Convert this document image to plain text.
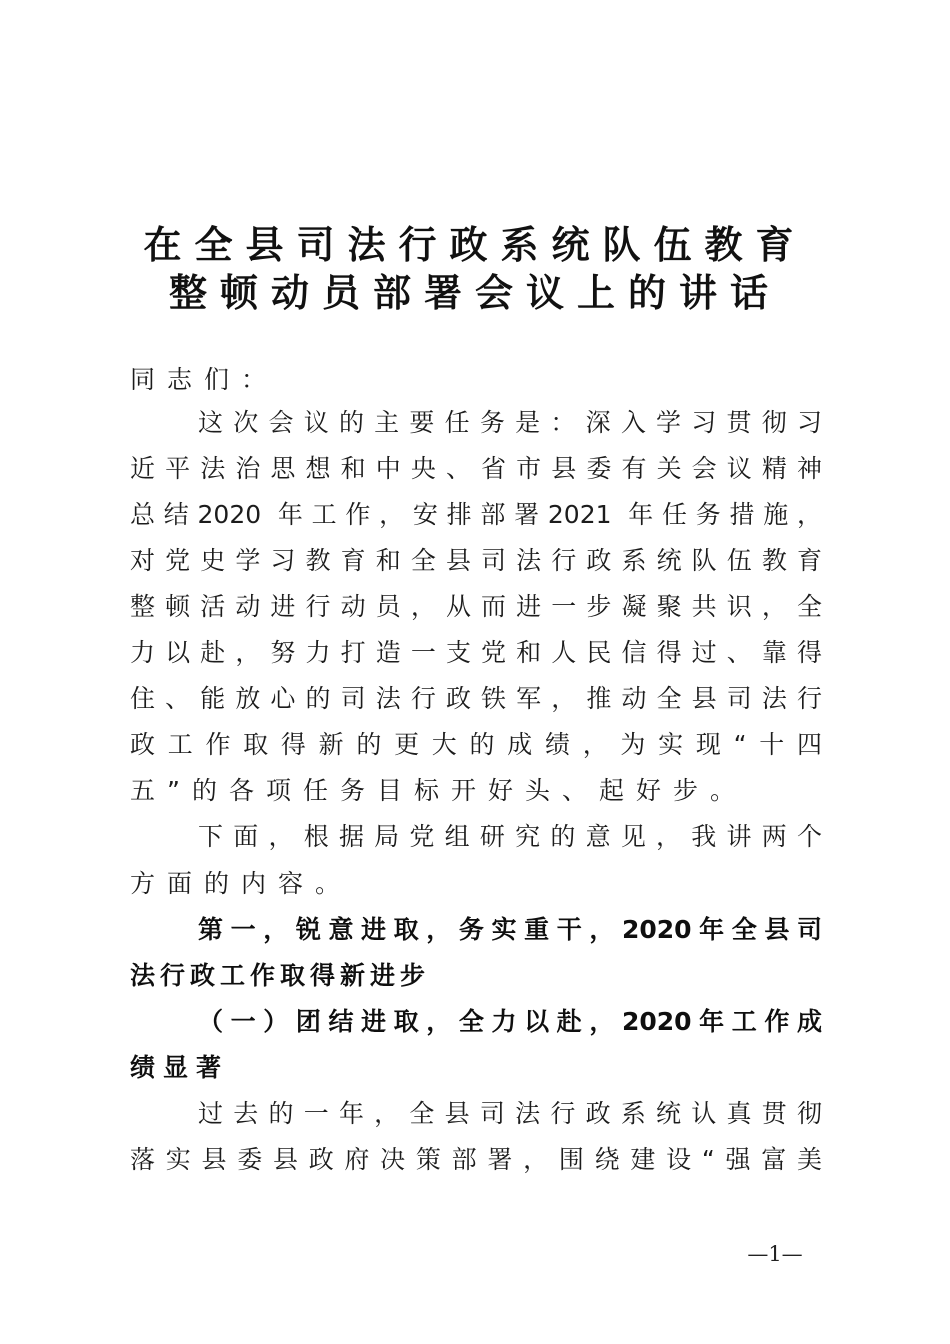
在全县司法行政系统队伍教育
整顿动员部署会议上的讲话
同志们：
这次会议的主要任务是：深入学习贯彻习
近平法治思想和中央、省市县委有关会议精神
总结2020 年工作，安排部署2021 年任务措施，
对党史学习教育和全县司法行政系统队伍教育
整顿活动进行动员，从而进一步凝聚共识，全
力以赴，努力打造一支党和人民信得过、靠得
住、能放心的司法行政铁军，推动全县司法行
政工作取得新的更大的成绩，为实现“十四
五”的各项任务目标开好头、起好步。
下面，根据局党组研究的意见，我讲两个
方面的内容。
第一，锐意进取，务实重干，2020年全县司
法行政工作取得新进步
（一）团结进取，全力以赴，2020年工作成
绩显著
过去的一年，全县司法行政系统认真贯彻
落实县委县政府决策部署，围绕建设“强富美
—1—
